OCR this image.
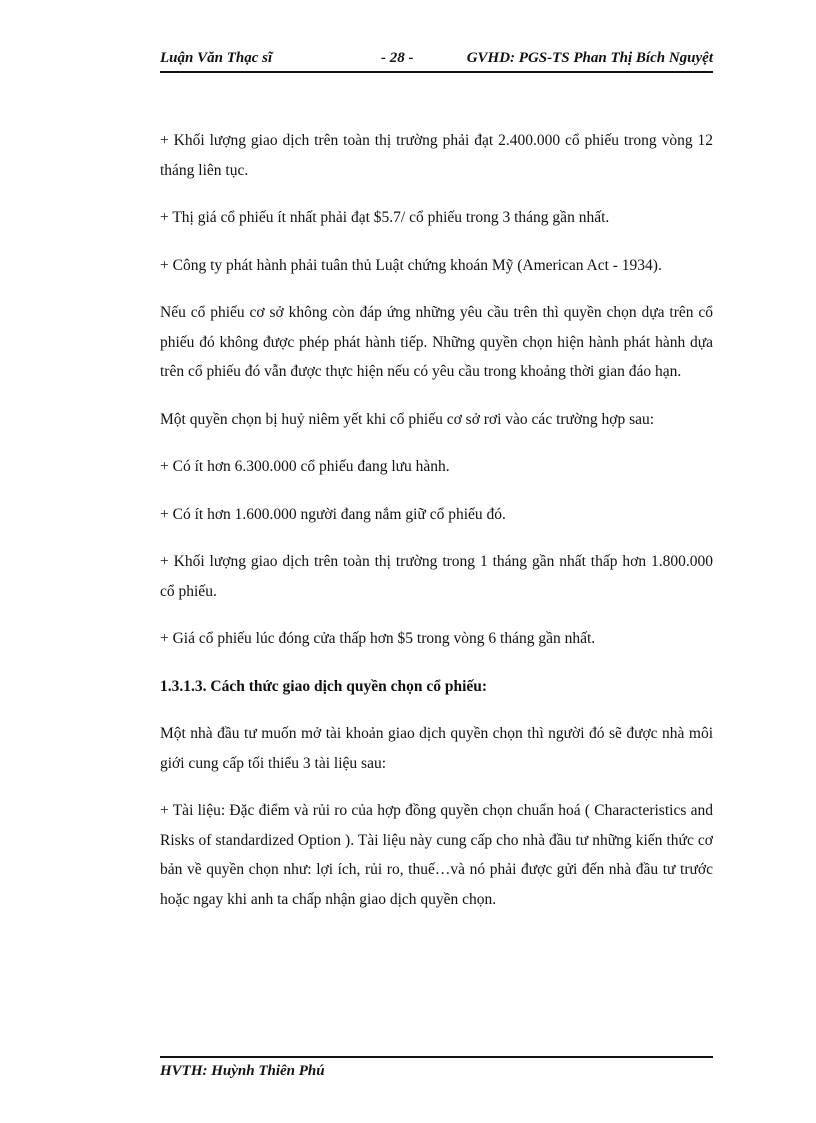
Luận Văn Thạc sĩ	- 28 -	GVHD: PGS-TS Phan Thị Bích Nguyệt

+ Khối lượng giao dịch trên toàn thị trường phải đạt 2.400.000 cổ phiếu trong vòng 12 tháng liên tục.

+ Thị giá cổ phiếu ít nhất phải đạt $5.7/ cổ phiếu trong 3 tháng gần nhất.

+ Công ty phát hành phải tuân thủ Luật chứng khoán Mỹ (American Act - 1934).

Nếu cổ phiếu cơ sở không còn đáp ứng những yêu cầu trên thì quyền chọn dựa trên cổ phiếu đó không được phép phát hành tiếp. Những quyền chọn hiện hành phát hành dựa trên cổ phiếu đó vẫn được thực hiện nếu có yêu cầu trong khoảng thời gian đáo hạn.

Một quyền chọn bị huỷ niêm yết khi cổ phiếu cơ sở rơi vào các trường hợp sau:

+ Có ít hơn 6.300.000 cổ phiếu đang lưu hành.

+ Có ít hơn 1.600.000 người đang nắm giữ cổ phiếu đó.

+ Khối lượng giao dịch trên toàn thị trường trong 1 tháng gần nhất thấp hơn 1.800.000 cổ phiếu.

+ Giá cổ phiếu lúc đóng cửa thấp hơn $5 trong vòng 6 tháng gần nhất.

1.3.1.3. Cách thức giao dịch quyền chọn cổ phiếu:

Một nhà đầu tư muốn mở tài khoản giao dịch quyền chọn thì người đó sẽ được nhà môi giới cung cấp tối thiểu 3 tài liệu sau:

+ Tài liệu: Đặc điểm và rủi ro của hợp đồng quyền chọn chuẩn hoá ( Characteristics and Risks of standardized Option ). Tài liệu này cung cấp cho nhà đầu tư những kiến thức cơ bản về quyền chọn như: lợi ích, rủi ro, thuế…và nó phải được gửi đến nhà đầu tư trước hoặc ngay khi anh ta chấp nhận giao dịch quyền chọn.

HVTH: Huỳnh Thiên Phú
